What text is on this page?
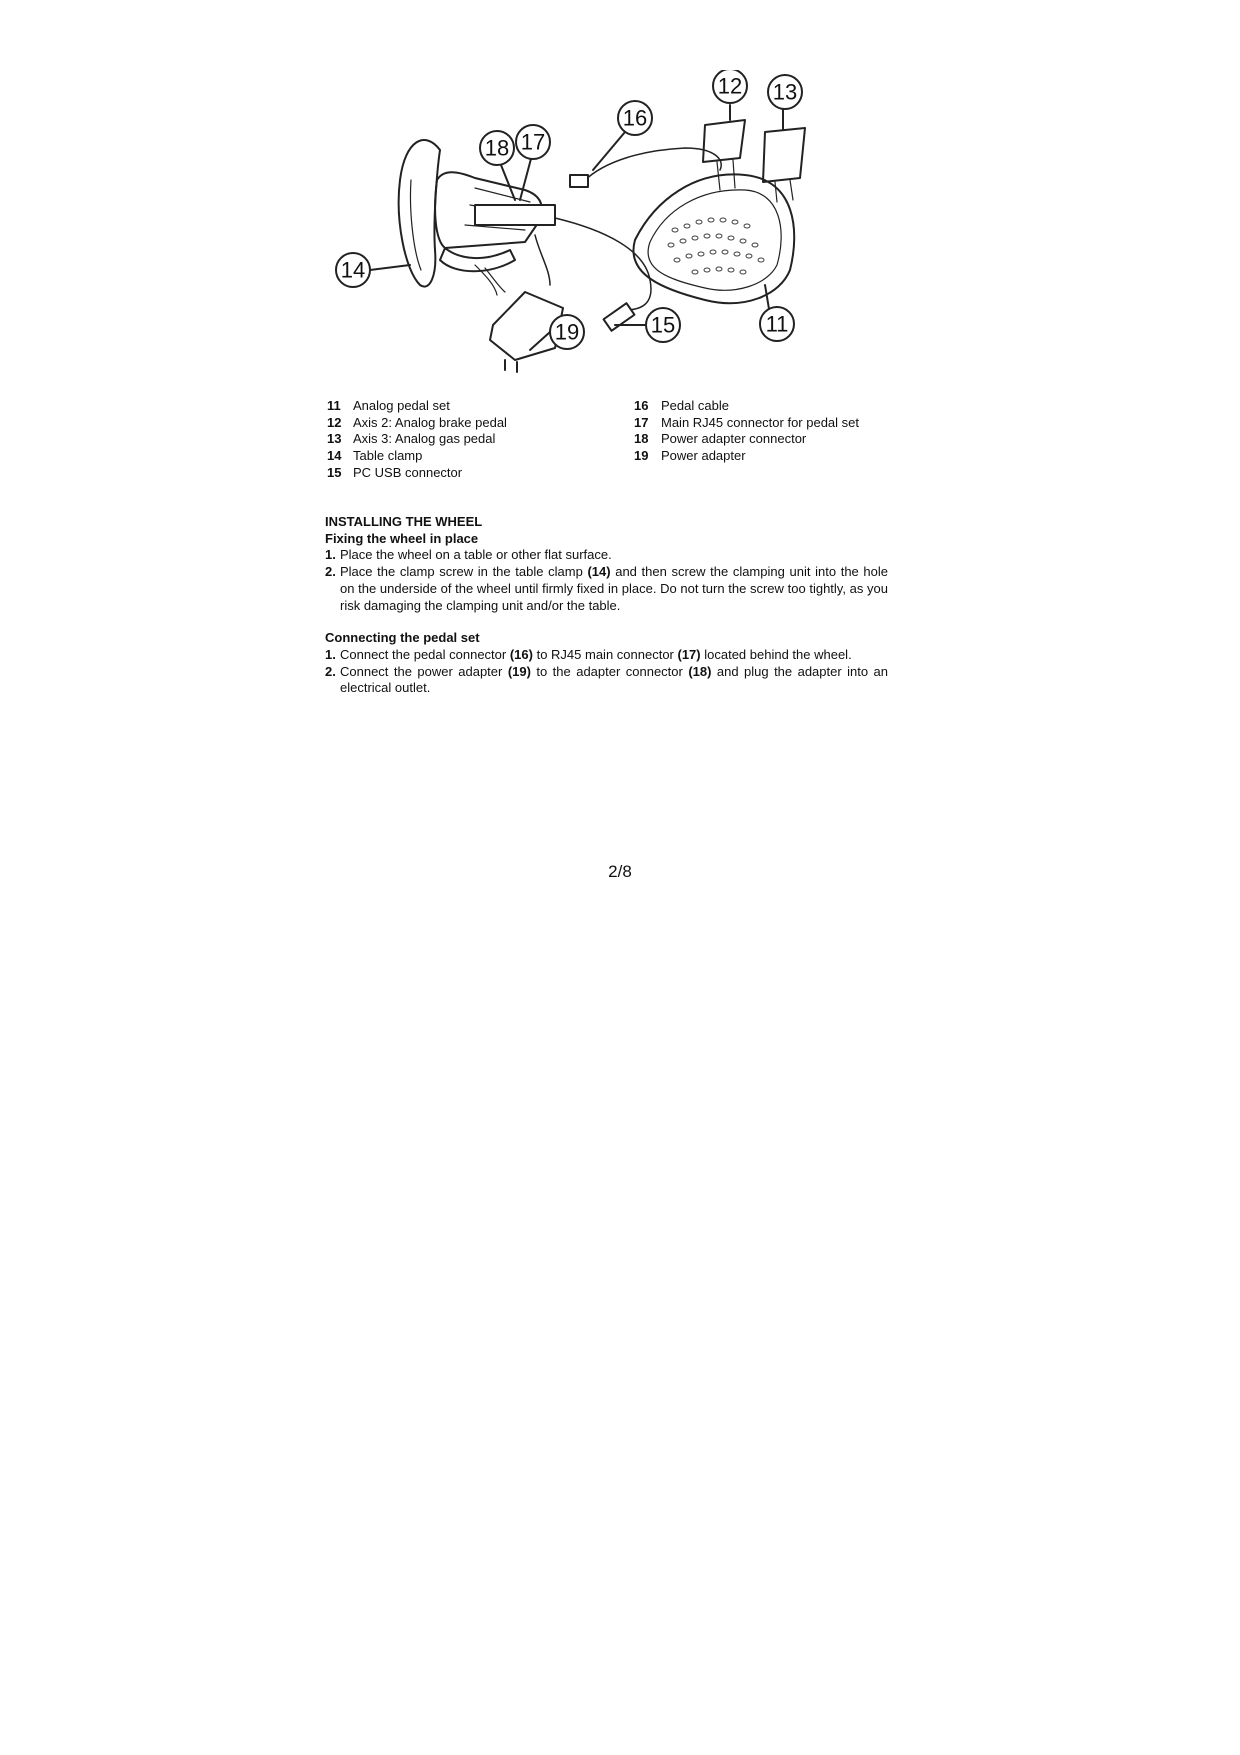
14
19	15	11
12 13
16
18 17
11 Analog pedal set
12 Axis 2: Analog brake pedal
13 Axis 3: Analog gas pedal
14 Table clamp
15 PC USB connector
16 Pedal cable
17 Main RJ45 connector for pedal set
18 Power adapter connector
19 Power adapter
INSTALLING THE WHEEL
Fixing the wheel in place
1. Place the wheel on a table or other flat surface.
2. Place the clamp screw in the table clamp (14) and then screw the clamping unit into the hole on the underside of the wheel until firmly fixed in place. Do not turn the screw too tightly, as you risk damaging the clamping unit and/or the table.
Connecting the pedal set
1. Connect the pedal connector (16) to RJ45 main connector (17) located behind the wheel.
2. Connect the power adapter (19) to the adapter connector (18) and plug the adapter into an electrical outlet.
2/8
